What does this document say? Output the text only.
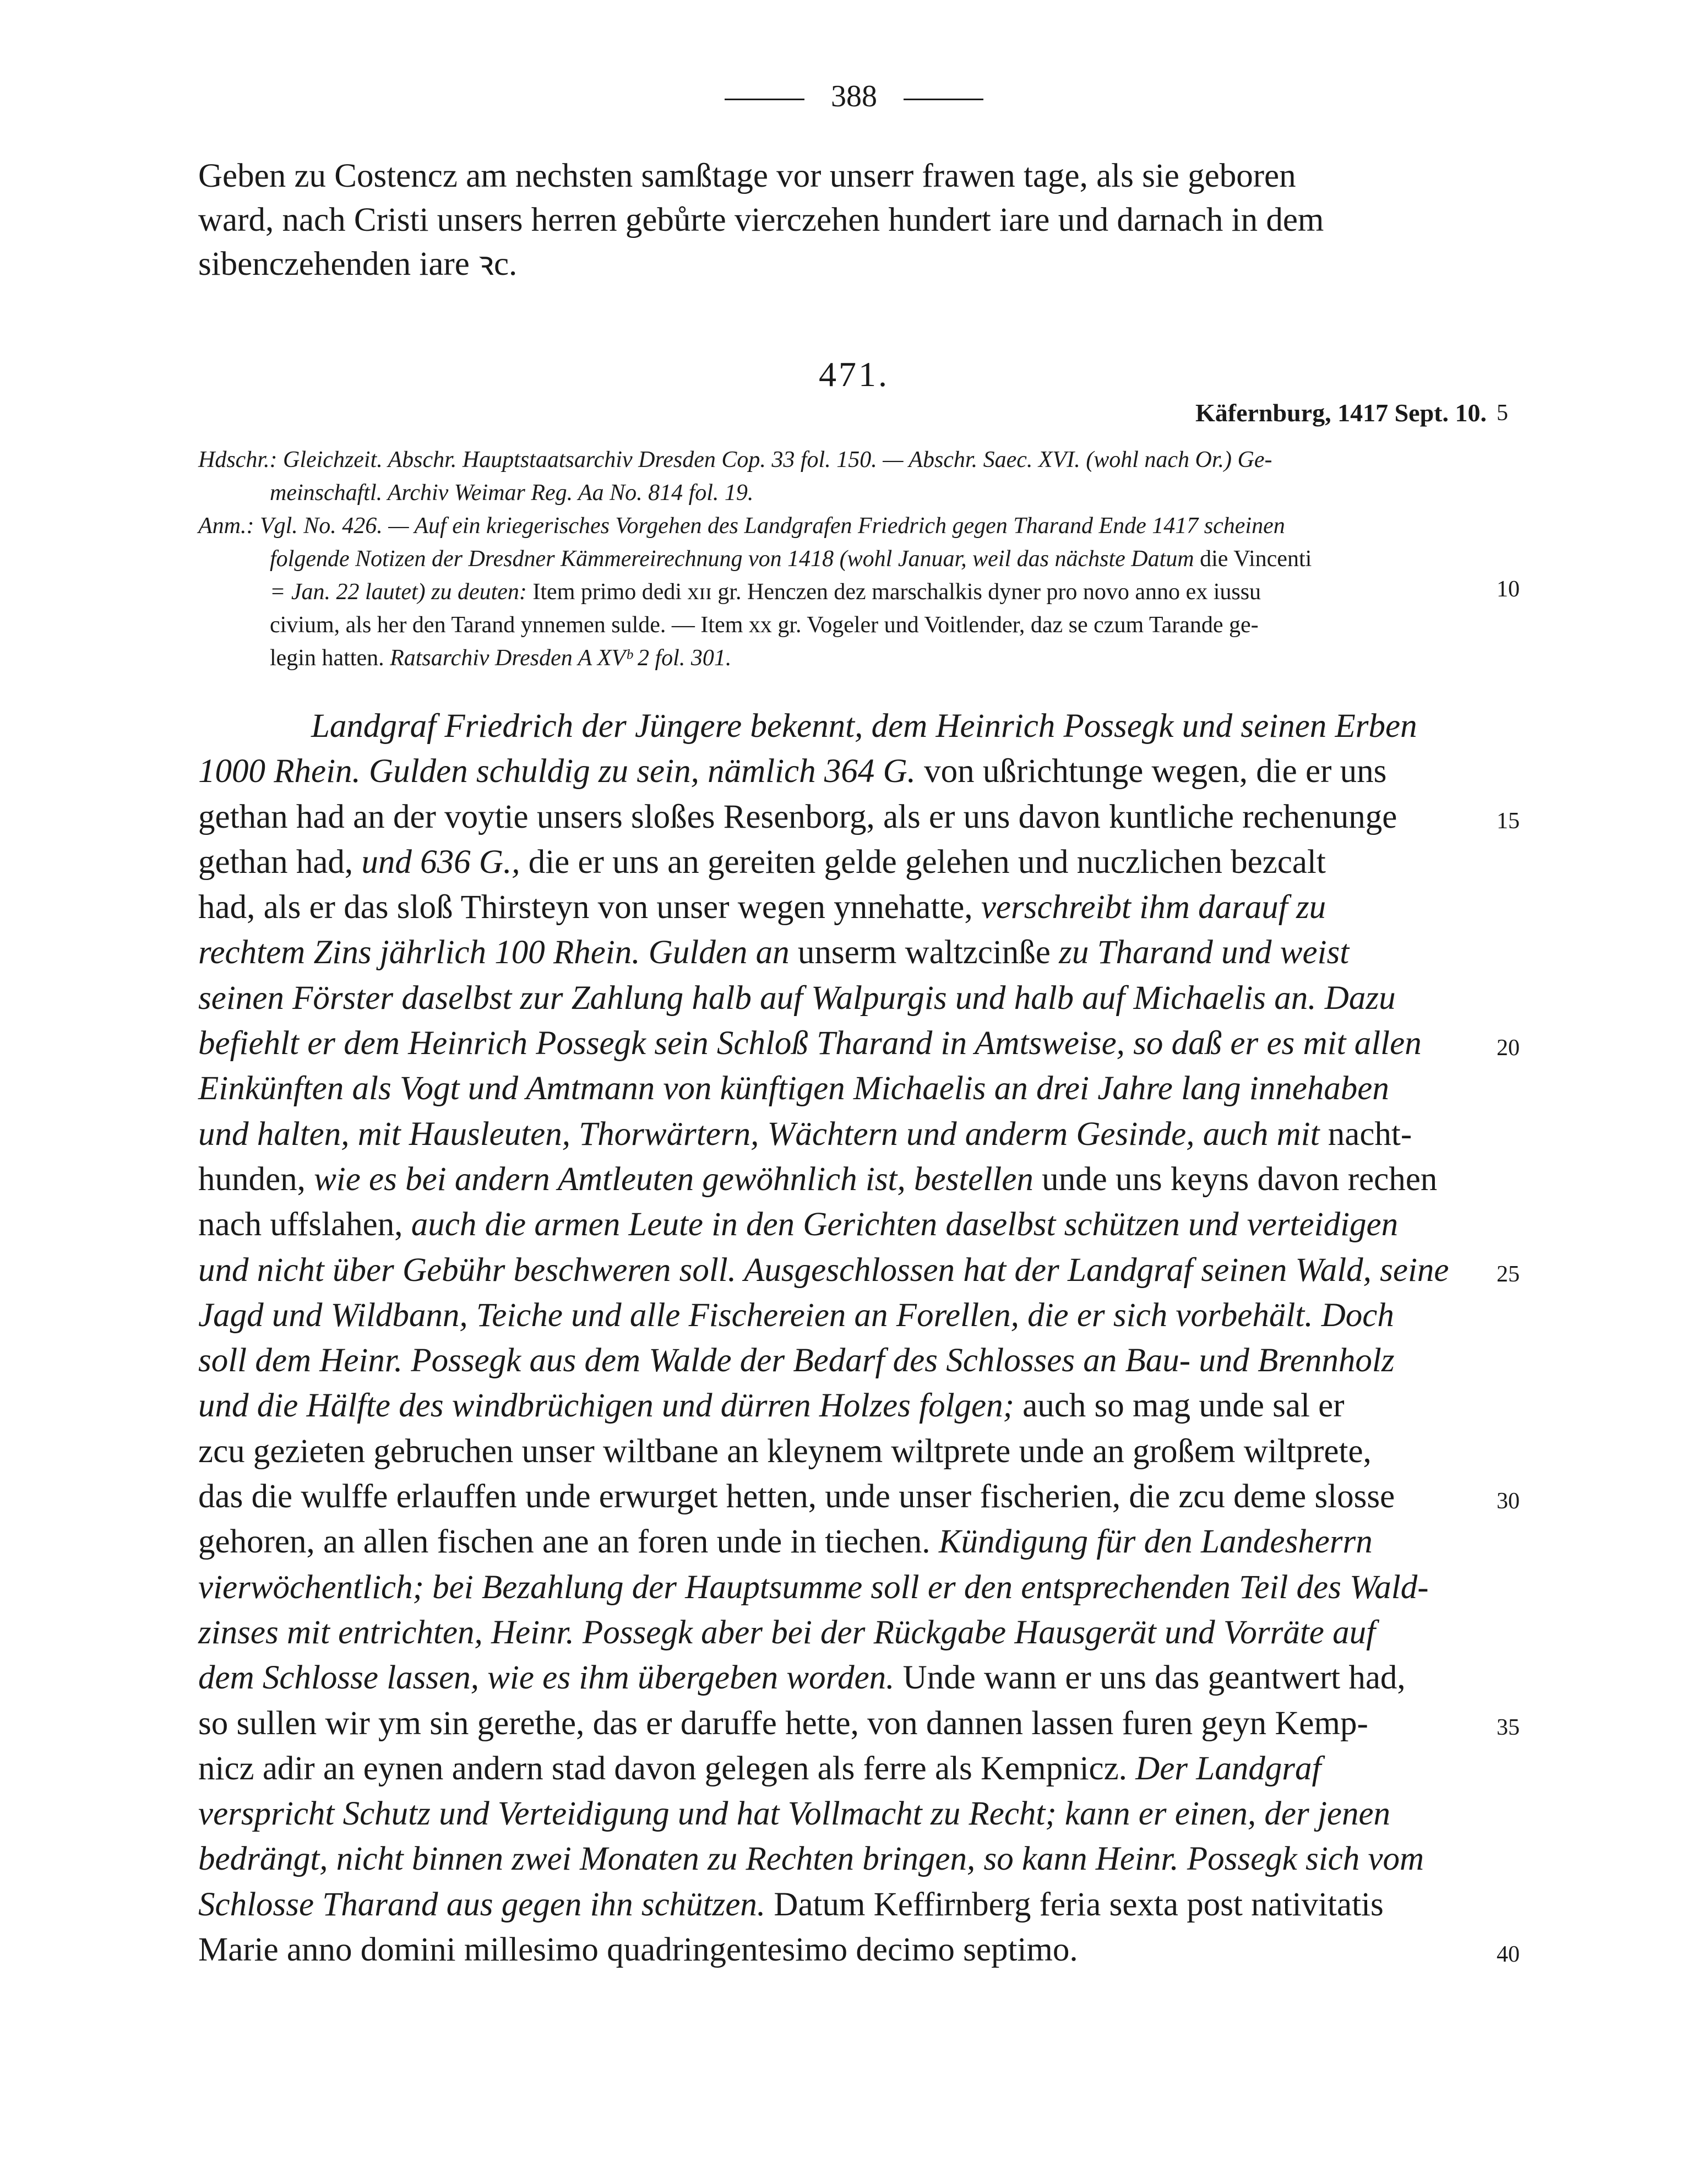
388
Geben zu Costencz am nechsten samßtage vor unserr frawen tage, als sie geboren
ward, nach Cristi unsers herren gebůrte vierczehen hundert iare und darnach in dem
sibenczehenden iare ꝛc.
471.
Käfernburg, 1417 Sept. 10. 5
Hdschr.: Gleichzeit. Abschr. Hauptstaatsarchiv Dresden Cop. 33 fol. 150. — Abschr. Saec. XVI. (wohl nach Or.) Ge-
meinschaftl. Archiv Weimar Reg. Aa No. 814 fol. 19.
Anm.: Vgl. No. 426. — Auf ein kriegerisches Vorgehen des Landgrafen Friedrich gegen Tharand Ende 1417 scheinen
folgende Notizen der Dresdner Kämmereirechnung von 1418 (wohl Januar, weil das nächste Datum die Vincenti
= Jan. 22 lautet) zu deuten: Item primo dedi xɪɪ gr. Henczen dez marschalkis dyner pro novo anno ex iussu
civium, als her den Tarand ynnemen sulde. — Item xx gr. Vogeler und Voitlender, daz se czum Tarande ge-
legin hatten. Ratsarchiv Dresden A XVᵇ 2 fol. 301.
10
Landgraf Friedrich der Jüngere bekennt, dem Heinrich Possegk und seinen Erben
1000 Rhein. Gulden schuldig zu sein, nämlich 364 G. von ußrichtunge wegen, die er uns
gethan had an der voytie unsers sloßes Resenborg, als er uns davon kuntliche rechenunge
gethan had, und 636 G., die er uns an gereiten gelde gelehen und nuczlichen bezcalt
had, als er das sloß Thirsteyn von unser wegen ynnehatte, verschreibt ihm darauf zu
rechtem Zins jährlich 100 Rhein. Gulden an unserm waltzcinße zu Tharand und weist
seinen Förster daselbst zur Zahlung halb auf Walpurgis und halb auf Michaelis an. Dazu
befiehlt er dem Heinrich Possegk sein Schloß Tharand in Amtsweise, so daß er es mit allen
Einkünften als Vogt und Amtmann von künftigen Michaelis an drei Jahre lang innehaben
und halten, mit Hausleuten, Thorwärtern, Wächtern und anderm Gesinde, auch mit nacht-
hunden, wie es bei andern Amtleuten gewöhnlich ist, bestellen unde uns keyns davon rechen
nach uffslahen, auch die armen Leute in den Gerichten daselbst schützen und verteidigen
und nicht über Gebühr beschweren soll. Ausgeschlossen hat der Landgraf seinen Wald, seine
Jagd und Wildbann, Teiche und alle Fischereien an Forellen, die er sich vorbehält. Doch
soll dem Heinr. Possegk aus dem Walde der Bedarf des Schlosses an Bau- und Brennholz
und die Hälfte des windbrüchigen und dürren Holzes folgen; auch so mag unde sal er
zcu gezieten gebruchen unser wiltbane an kleynem wiltprete unde an großem wiltprete,
das die wulffe erlauffen unde erwurget hetten, unde unser fischerien, die zcu deme slosse
gehoren, an allen fischen ane an foren unde in tiechen. Kündigung für den Landesherrn
vierwöchentlich; bei Bezahlung der Hauptsumme soll er den entsprechenden Teil des Wald-
zinses mit entrichten, Heinr. Possegk aber bei der Rückgabe Hausgerät und Vorräte auf
dem Schlosse lassen, wie es ihm übergeben worden. Unde wann er uns das geantwert had,
so sullen wir ym sin gerethe, das er daruffe hette, von dannen lassen furen geyn Kemp-
nicz adir an eynen andern stad davon gelegen als ferre als Kempnicz. Der Landgraf
verspricht Schutz und Verteidigung und hat Vollmacht zu Recht; kann er einen, der jenen
bedrängt, nicht binnen zwei Monaten zu Rechten bringen, so kann Heinr. Possegk sich vom
Schlosse Tharand aus gegen ihn schützen. Datum Keffirnberg feria sexta post nativitatis
Marie anno domini millesimo quadringentesimo decimo septimo.
15
20
25
30
35
40
